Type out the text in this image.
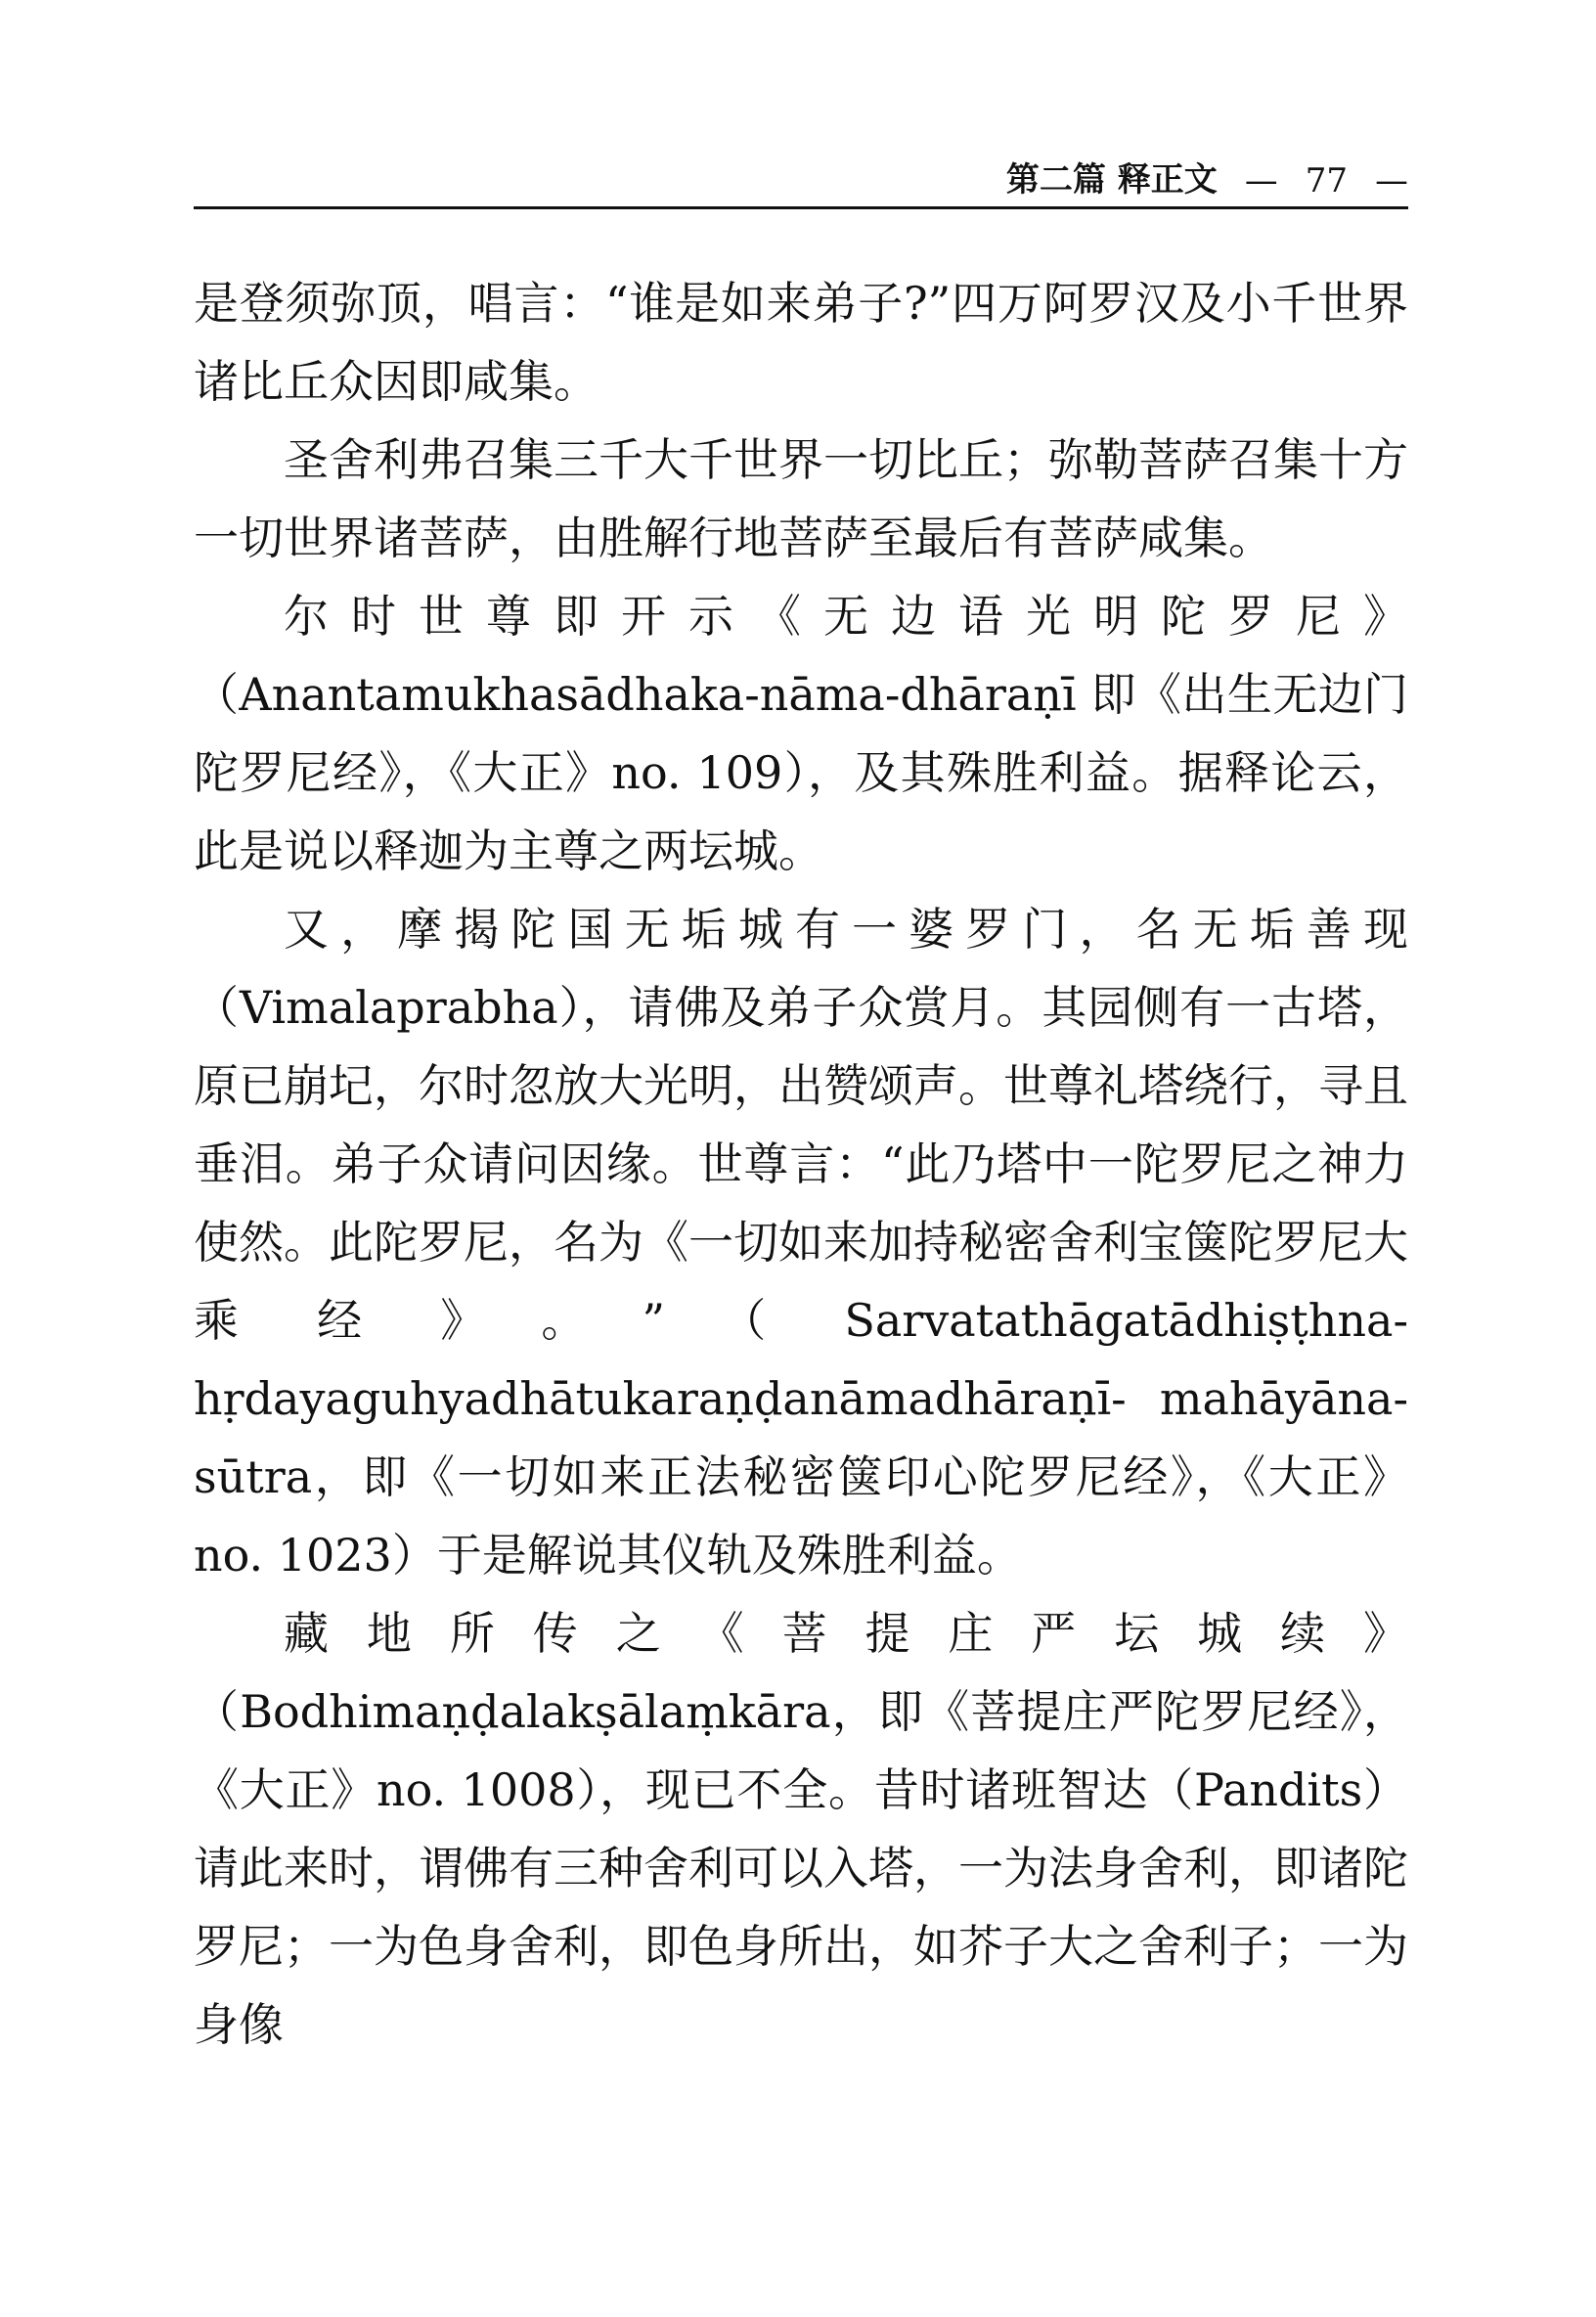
第二篇 释正文 — 77 —

是登须弥顶，唱言：“谁是如来弟子?”四万阿罗汉及小千世界诸比丘众因即咸集。

圣舍利弗召集三千大千世界一切比丘；弥勒菩萨召集十方一切世界诸菩萨，由胜解行地菩萨至最后有菩萨咸集。

尔时世尊即开示《无边语光明陀罗尼》（Anantamukhasādhaka-nāma-dhāraṇī 即《出生无边门陀罗尼经》，《大正》no. 109），及其殊胜利益。据释论云，此是说以释迦为主尊之两坛城。

又，摩揭陀国无垢城有一婆罗门，名无垢善现（Vimalaprabha），请佛及弟子众赏月。其园侧有一古塔，原已崩圮，尔时忽放大光明，出赞颂声。世尊礼塔绕行，寻且垂泪。弟子众请问因缘。世尊言：“此乃塔中一陀罗尼之神力使然。此陀罗尼，名为《一切如来加持秘密舍利宝箧陀罗尼大乘经》。”（Sarvatathāgatādhiṣṭhna- hṛdayaguhyadhātukaraṇḍanāmadhāraṇī- mahāyāna-sūtra，即《一切如来正法秘密箧印心陀罗尼经》，《大正》no. 1023）于是解说其仪轨及殊胜利益。

藏地所传之《菩提庄严坛城续》（Bodhimaṇḍalakṣālaṃkāra，即《菩提庄严陀罗尼经》，《大正》no. 1008），现已不全。昔时诸班智达（Pandits）请此来时，谓佛有三种舍利可以入塔，一为法身舍利，即诸陀罗尼；一为色身舍利，即色身所出，如芥子大之舍利子；一为身像
